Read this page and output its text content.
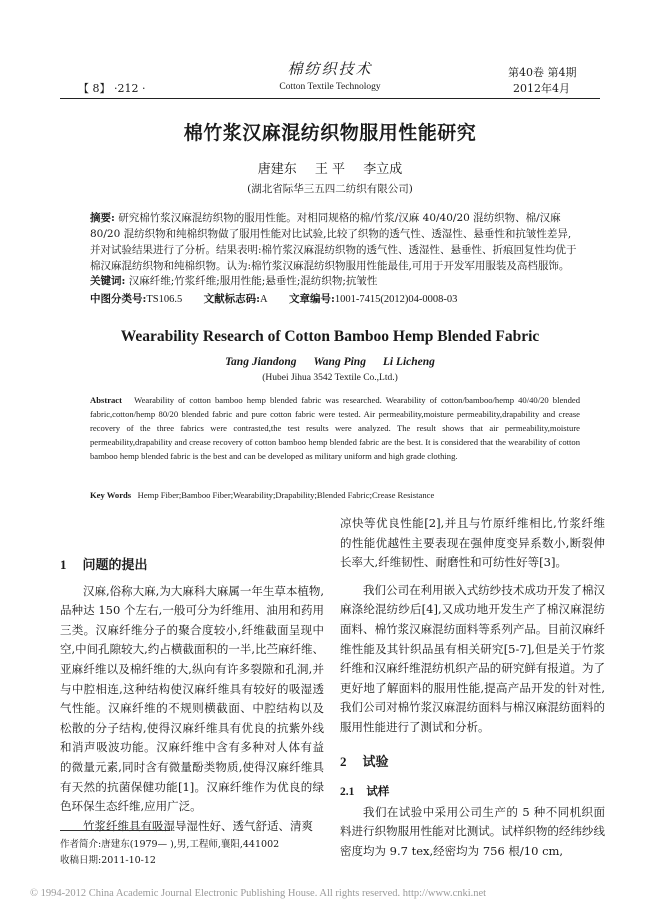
【 8】 ·212 ·
棉纺织技术
Cotton Textile Technology
第40卷 第4期
2012年4月
棉竹浆汉麻混纺织物服用性能研究
唐建东 王 平 李立成
(湖北省际华三五四二纺织有限公司)
摘要: 研究棉竹浆汉麻混纺织物的服用性能。对相同规格的棉/竹浆/汉麻 40/40/20 混纺织物、棉/汉麻 80/20 混纺织物和纯棉织物做了服用性能对比试验,比较了织物的透气性、透湿性、悬垂性和抗皱性差异,并对试验结果进行了分析。结果表明:棉竹浆汉麻混纺织物的透气性、透湿性、悬垂性、折痕回复性均优于棉汉麻混纺织物和纯棉织物。认为:棉竹浆汉麻混纺织物服用性能最佳,可用于开发军用服装及高档服饰。
关键词: 汉麻纤维;竹浆纤维;服用性能;悬垂性;混纺织物;抗皱性
中图分类号:TS106.5 文献标志码:A 文章编号:1001-7415(2012)04-0008-03
Wearability Research of Cotton Bamboo Hemp Blended Fabric
Tang Jiandong Wang Ping Li Licheng
(Hubei Jihua 3542 Textile Co.,Ltd.)
Abstract Wearability of cotton bamboo hemp blended fabric was researched. Wearability of cotton/bamboo/hemp 40/40/20 blended fabric,cotton/hemp 80/20 blended fabric and pure cotton fabric were tested. Air permeability,moisture permeability,drapability and crease recovery of the three fabrics were contrasted,the test results were analyzed. The result shows that air permeability,moisture permeability,drapability and crease recovery of cotton bamboo hemp blended fabric are the best. It is considered that the wearability of cotton bamboo hemp blended fabric is the best and can be developed as military uniform and high grade clothing.
Key Words Hemp Fiber;Bamboo Fiber;Wearability;Drapability;Blended Fabric;Crease Resistance

1 问题的提出

汉麻,俗称大麻,为大麻科大麻属一年生草本植物,品种达 150 个左右,一般可分为纤维用、油用和药用三类。汉麻纤维分子的聚合度较小,纤维截面呈现中空,中间孔隙较大,约占横截面积的一半,比苎麻纤维、亚麻纤维以及棉纤维的大,纵向有许多裂隙和孔洞,并与中腔相连,这种结构使汉麻纤维具有较好的吸湿透气性能。汉麻纤维的不规则横截面、中腔结构以及松散的分子结构,使得汉麻纤维具有优良的抗紫外线和消声吸波功能。汉麻纤维中含有多种对人体有益的微量元素,同时含有微量酚类物质,使得汉麻纤维具有天然的抗菌保健功能[1]。汉麻纤维作为优良的绿色环保生态纤维,应用广泛。

竹浆纤维具有吸湿导湿性好、透气舒适、清爽

凉快等优良性能[2],并且与竹原纤维相比,竹浆纤维的性能优越性主要表现在强伸度变异系数小,断裂伸长率大,纤维韧性、耐磨性和可纺性好等[3]。

我们公司在利用嵌入式纺纱技术成功开发了棉汉麻涤纶混纺纱后[4],又成功地开发生产了棉汉麻混纺面料、棉竹浆汉麻混纺面料等系列产品。目前汉麻纤维性能及其针织品虽有相关研究[5-7],但是关于竹浆纤维和汉麻纤维混纺机织产品的研究鲜有报道。为了更好地了解面料的服用性能,提高产品开发的针对性,我们公司对棉竹浆汉麻混纺面料与棉汉麻混纺面料的服用性能进行了测试和分析。

2 试验

2.1 试样

我们在试验中采用公司生产的 5 种不同机织面料进行织物服用性能对比测试。试样织物的经纬纱线密度均为 9.7 tex,经密均为 756 根/10 cm,

作者简介:唐建东(1979— ),男,工程师,襄阳,441002
收稿日期:2011-10-12
© 1994-2012 China Academic Journal Electronic Publishing House. All rights reserved. http://www.cnki.net
